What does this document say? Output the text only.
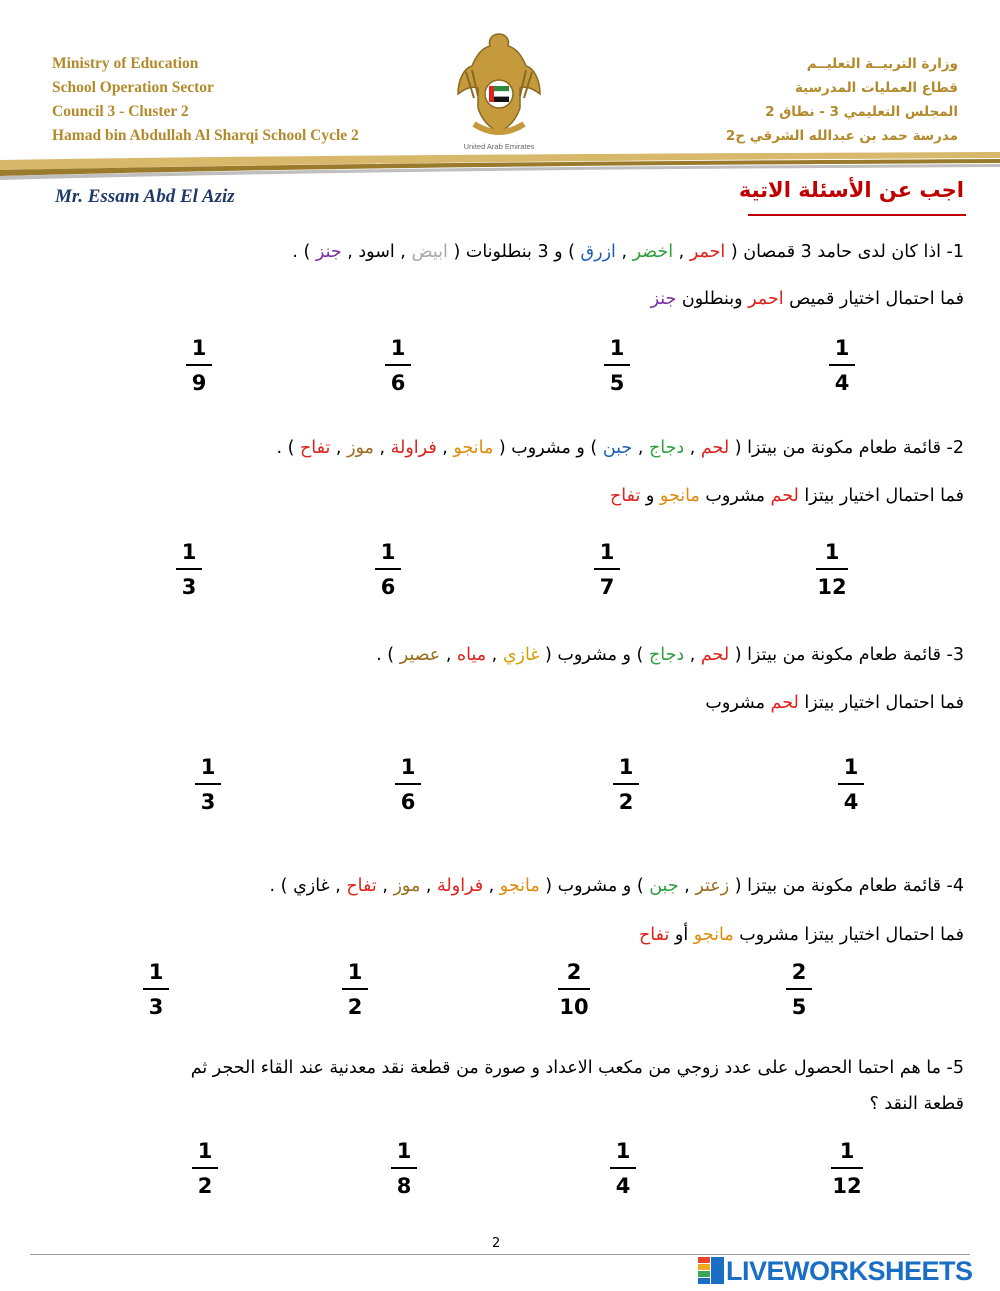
Ministry of Education
School Operation Sector
Council 3 - Cluster 2
Hamad bin Abdullah Al Sharqi School Cycle 2
United Arab Emirates
وزارة التربيــة التعليــم
قطاع العمليات المدرسية
المجلس التعليمي 3 - نطاق 2
مدرسة حمد بن عبدالله الشرقي ح2
Mr. Essam Abd El Aziz	اجب عن الأسئلة الاتية
1- اذا كان لدى حامد 3 قمصان ( احمر , اخضر , ازرق ) و 3 بنطلونات ( ابيض , اسود , جنز ) .
فما احتمال اختيار قميص احمر وبنطلون جنز
2- قائمة طعام مكونة من بيتزا ( لحم , دجاج , جبن ) و مشروب ( مانجو , فراولة , موز , تفاح ) .
فما احتمال اختيار بيتزا لحم مشروب مانجو و تفاح
3- قائمة طعام مكونة من بيتزا ( لحم , دجاج ) و مشروب ( غازي , مياه , عصير ) .
فما احتمال اختيار بيتزا لحم مشروب
4- قائمة طعام مكونة من بيتزا ( زعتر , جبن ) و مشروب ( مانجو , فراولة , موز , تفاح , غازي ) .
فما احتمال اختيار بيتزا مشروب مانجو أو تفاح
5- ما هم احتما الحصول على عدد زوجي من مكعب الاعداد و صورة من قطعة نقد معدنية عند القاء الحجر ثم
قطعة النقد ؟
1
4
1
5
1
6
1
9
1
12
1
7
1
6
1
3
1
4
1
2
1
6
1
3
2
5
2
10
1
2
1
3
1
12
1
4
1
8
1
2
2
LIVEWORKSHEETS
